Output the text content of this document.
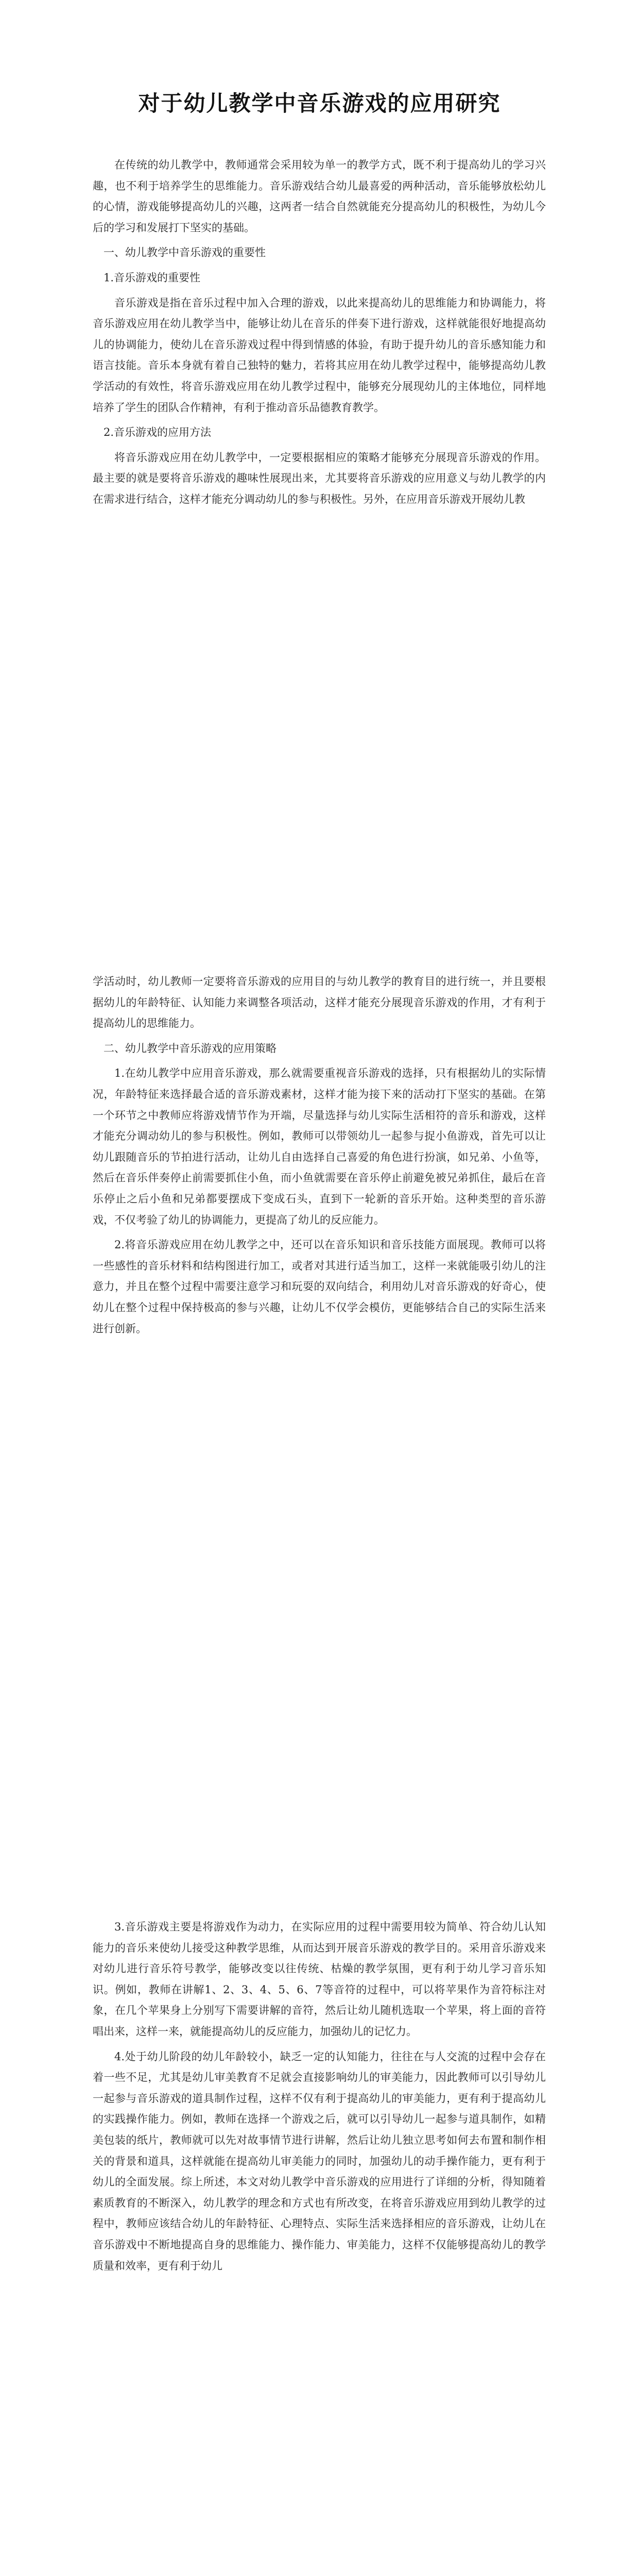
对于幼儿教学中音乐游戏的应用研究

在传统的幼儿教学中，教师通常会采用较为单一的教学方式，既不利于提高幼儿的学习兴趣，也不利于培养学生的思维能力。音乐游戏结合幼儿最喜爱的两种活动，音乐能够放松幼儿的心情，游戏能够提高幼儿的兴趣，这两者一结合自然就能充分提高幼儿的积极性，为幼儿今后的学习和发展打下坚实的基础。

一、幼儿教学中音乐游戏的重要性

1.音乐游戏的重要性

音乐游戏是指在音乐过程中加入合理的游戏，以此来提高幼儿的思维能力和协调能力，将音乐游戏应用在幼儿教学当中，能够让幼儿在音乐的伴奏下进行游戏，这样就能很好地提高幼儿的协调能力，使幼儿在音乐游戏过程中得到情感的体验，有助于提升幼儿的音乐感知能力和语言技能。音乐本身就有着自己独特的魅力，若将其应用在幼儿教学过程中，能够提高幼儿教学活动的有效性，将音乐游戏应用在幼儿教学过程中，能够充分展现幼儿的主体地位，同样地培养了学生的团队合作精神，有利于推动音乐品德教育教学。

2.音乐游戏的应用方法

将音乐游戏应用在幼儿教学中，一定要根据相应的策略才能够充分展现音乐游戏的作用。最主要的就是要将音乐游戏的趣味性展现出来，尤其要将音乐游戏的应用意义与幼儿教学的内在需求进行结合，这样才能充分调动幼儿的参与积极性。另外，在应用音乐游戏开展幼儿教

学活动时，幼儿教师一定要将音乐游戏的应用目的与幼儿教学的教育目的进行统一，并且要根据幼儿的年龄特征、认知能力来调整各项活动，这样才能充分展现音乐游戏的作用，才有利于提高幼儿的思维能力。

二、幼儿教学中音乐游戏的应用策略

1.在幼儿教学中应用音乐游戏，那么就需要重视音乐游戏的选择，只有根据幼儿的实际情况，年龄特征来选择最合适的音乐游戏素材，这样才能为接下来的活动打下坚实的基础。在第一个环节之中教师应将游戏情节作为开端，尽量选择与幼儿实际生活相符的音乐和游戏，这样才能充分调动幼儿的参与积极性。例如，教师可以带领幼儿一起参与捉小鱼游戏，首先可以让幼儿跟随音乐的节拍进行活动，让幼儿自由选择自己喜爱的角色进行扮演，如兄弟、小鱼等，然后在音乐伴奏停止前需要抓住小鱼，而小鱼就需要在音乐停止前避免被兄弟抓住，最后在音乐停止之后小鱼和兄弟都要摆成下变成石头，直到下一轮新的音乐开始。这种类型的音乐游戏，不仅考验了幼儿的协调能力，更提高了幼儿的反应能力。

2.将音乐游戏应用在幼儿教学之中，还可以在音乐知识和音乐技能方面展现。教师可以将一些感性的音乐材料和结构图进行加工，或者对其进行适当加工，这样一来就能吸引幼儿的注意力，并且在整个过程中需要注意学习和玩耍的双向结合，利用幼儿对音乐游戏的好奇心，使幼儿在整个过程中保持极高的参与兴趣，让幼儿不仅学会模仿，更能够结合自己的实际生活来进行创新。

3.音乐游戏主要是将游戏作为动力，在实际应用的过程中需要用较为简单、符合幼儿认知能力的音乐来使幼儿接受这种教学思维，从而达到开展音乐游戏的教学目的。采用音乐游戏来对幼儿进行音乐符号教学，能够改变以往传统、枯燥的教学氛围，更有利于幼儿学习音乐知识。例如，教师在讲解1、2、3、4、5、6、7等音符的过程中，可以将苹果作为音符标注对象，在几个苹果身上分别写下需要讲解的音符，然后让幼儿随机选取一个苹果，将上面的音符唱出来，这样一来，就能提高幼儿的反应能力，加强幼儿的记忆力。

4.处于幼儿阶段的幼儿年龄较小，缺乏一定的认知能力，往往在与人交流的过程中会存在着一些不足，尤其是幼儿审美教育不足就会直接影响幼儿的审美能力，因此教师可以引导幼儿一起参与音乐游戏的道具制作过程，这样不仅有利于提高幼儿的审美能力，更有利于提高幼儿的实践操作能力。例如，教师在选择一个游戏之后，就可以引导幼儿一起参与道具制作，如精美包装的纸片，教师就可以先对故事情节进行讲解，然后让幼儿独立思考如何去布置和制作相关的背景和道具，这样就能在提高幼儿审美能力的同时，加强幼儿的动手操作能力，更有利于幼儿的全面发展。综上所述，本文对幼儿教学中音乐游戏的应用进行了详细的分析，得知随着素质教育的不断深入，幼儿教学的理念和方式也有所改变，在将音乐游戏应用到幼儿教学的过程中，教师应该结合幼儿的年龄特征、心理特点、实际生活来选择相应的音乐游戏，让幼儿在音乐游戏中不断地提高自身的思维能力、操作能力、审美能力，这样不仅能够提高幼儿的教学质量和效率，更有利于幼儿
